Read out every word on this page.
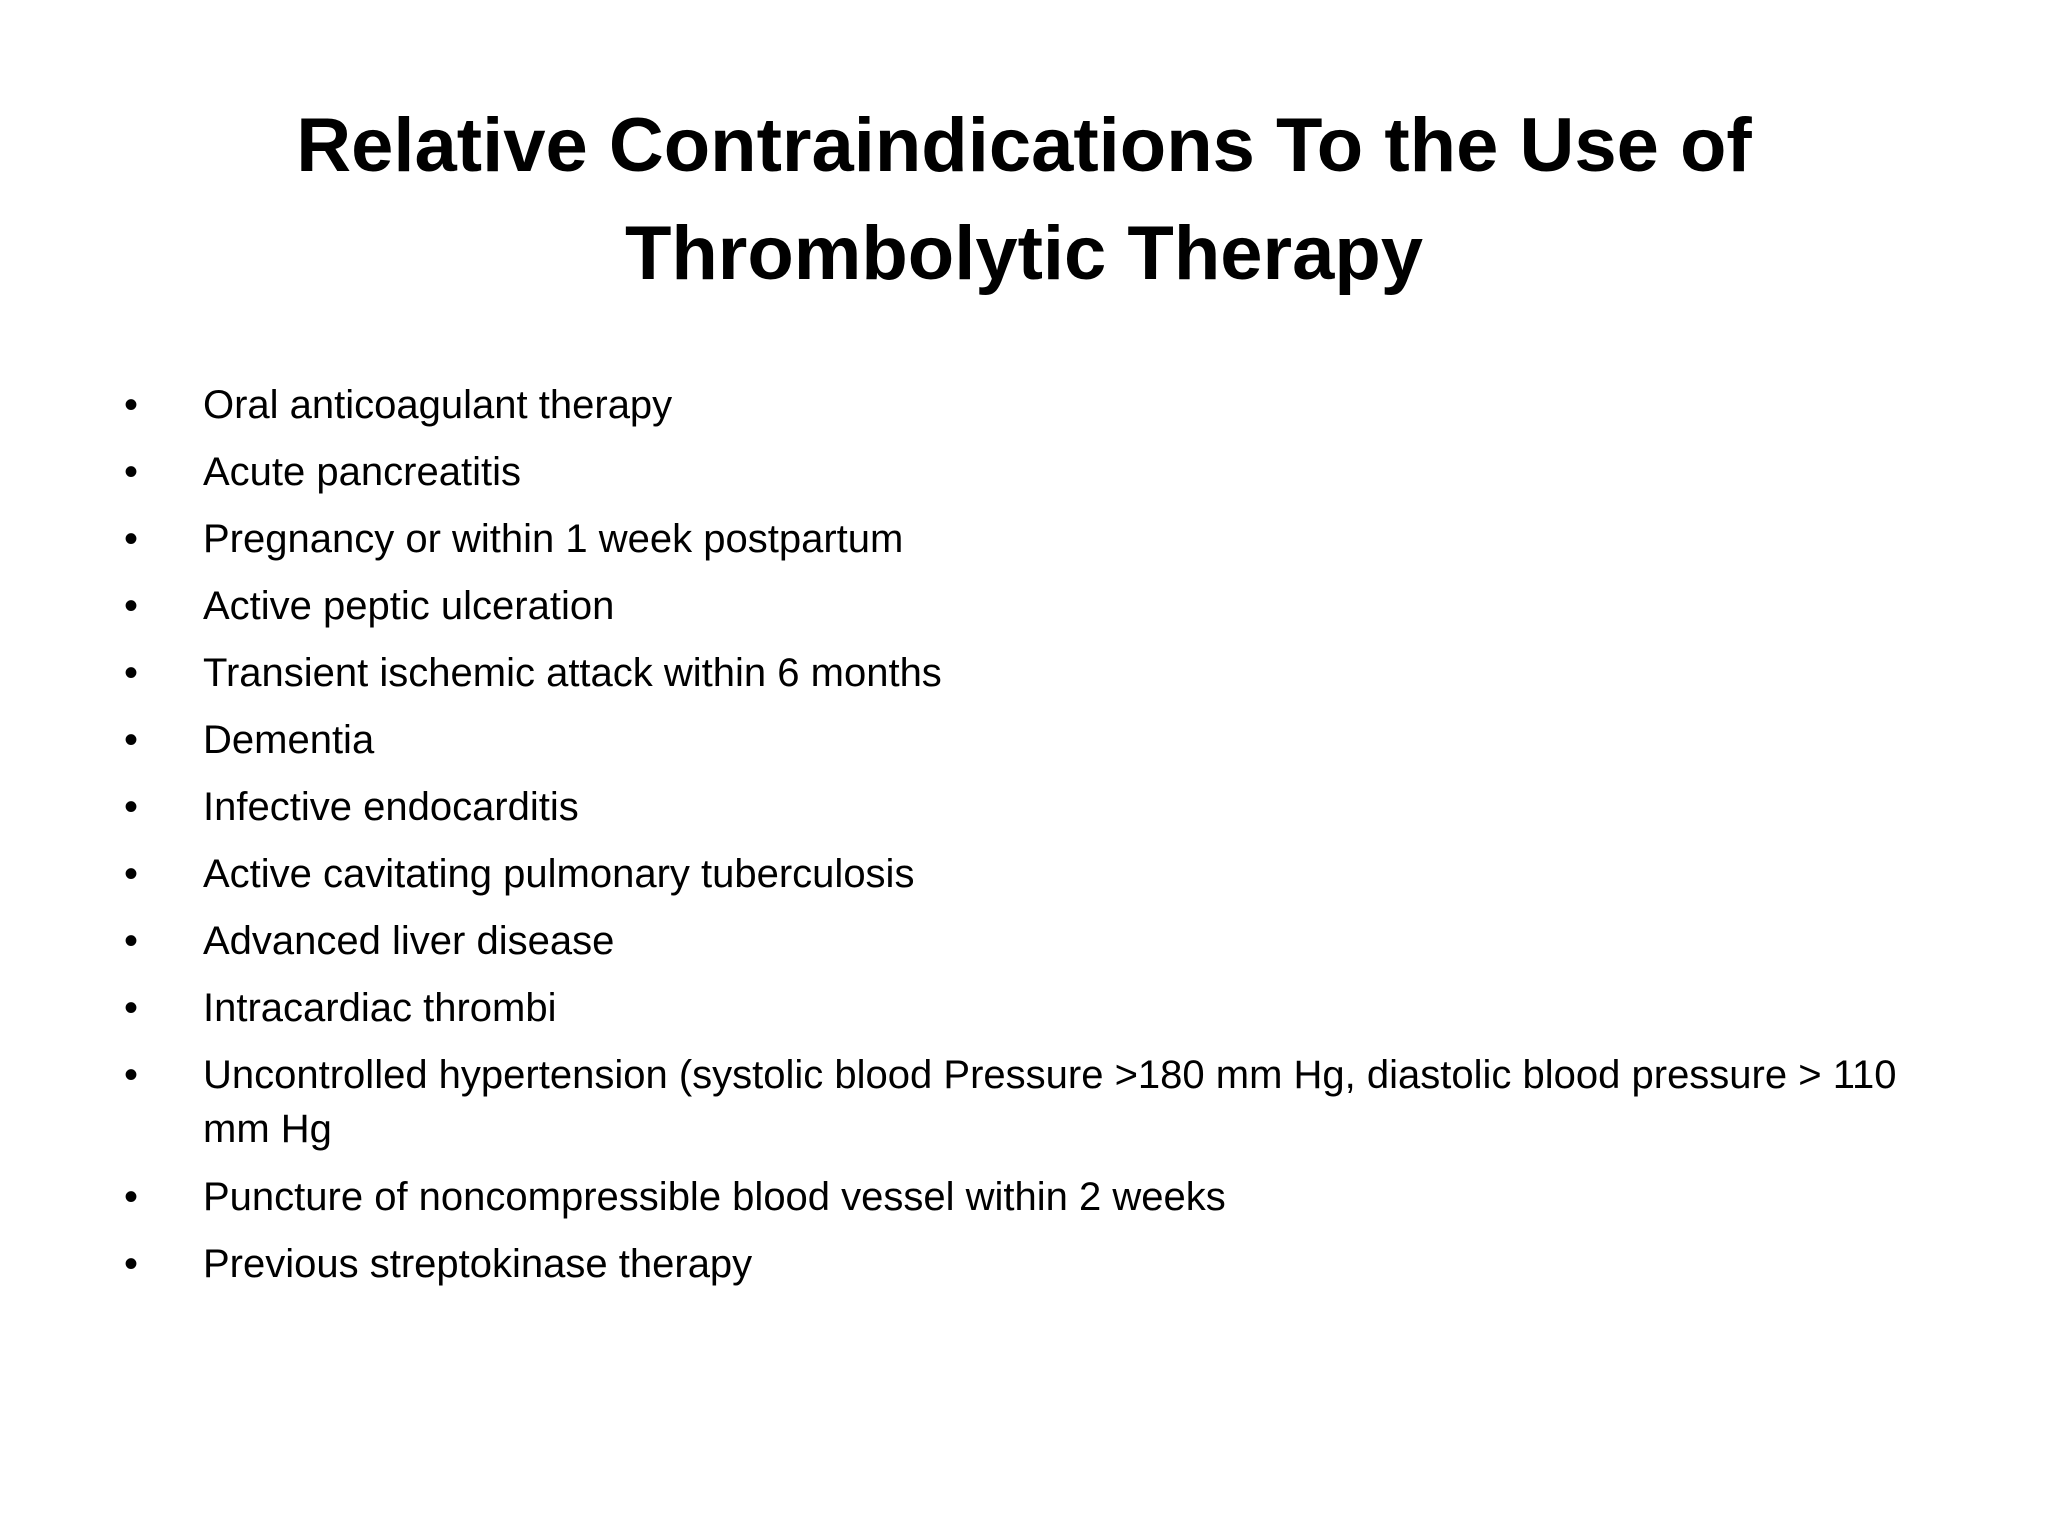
Relative Contraindications To the Use of
Thrombolytic Therapy
• Oral anticoagulant therapy
• Acute pancreatitis
• Pregnancy or within 1 week postpartum
• Active peptic ulceration
• Transient ischemic attack within 6 months
• Dementia
• Infective endocarditis
• Active cavitating pulmonary tuberculosis
• Advanced liver disease
• Intracardiac thrombi
• Uncontrolled hypertension (systolic blood Pressure >180 mm Hg, diastolic blood pressure > 110 mm Hg
• Puncture of noncompressible blood vessel within 2 weeks
• Previous streptokinase therapy
